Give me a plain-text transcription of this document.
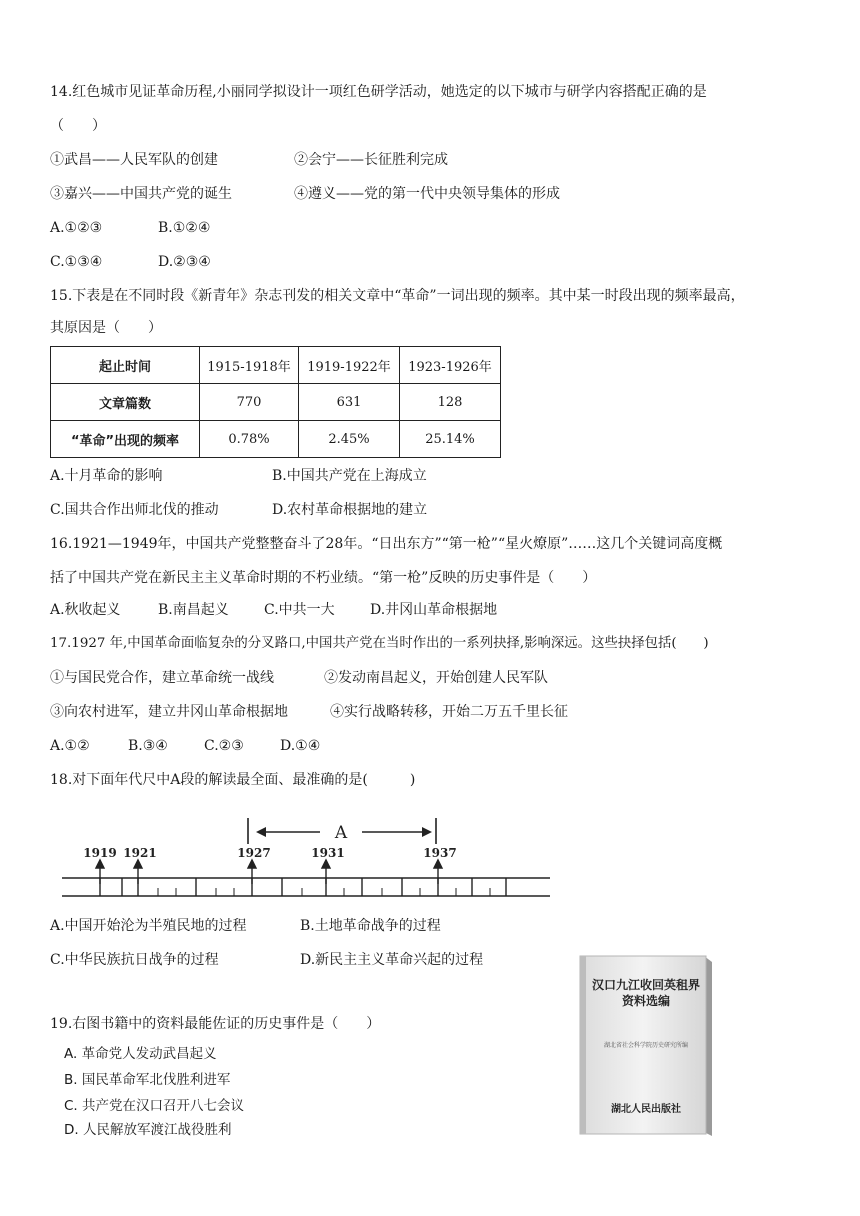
14.红色城市见证革命历程,小丽同学拟设计一项红色研学活动，她选定的以下城市与研学内容搭配正确的是
（　　）
①武昌——人民军队的创建	②会宁——长征胜利完成
③嘉兴——中国共产党的诞生	④遵义——党的第一代中央领导集体的形成
A.①②③	B.①②④
C.①③④	D.②③④
15.下表是在不同时段《新青年》杂志刊发的相关文章中“革命”一词出现的频率。其中某一时段出现的频率最高，
其原因是（　　）
起止时间	1915-1918年	1919-1922年	1923-1926年
文章篇数	770	631	128
“革命”出现的频率	0.78%	2.45%	25.14%
A.十月革命的影响	B.中国共产党在上海成立
C.国共合作出师北伐的推动	D.农村革命根据地的建立
16.1921—1949年，中国共产党整整奋斗了28年。“日出东方”“第一枪”“星火燎原”……这几个关键词高度概
括了中国共产党在新民主主义革命时期的不朽业绩。“第一枪”反映的历史事件是（　　）
A.秋收起义	B.南昌起义	C.中共一大	D.井冈山革命根据地
17.1927 年,中国革命面临复杂的分叉路口,中国共产党在当时作出的一系列抉择,影响深远。这些抉择包括(　　)
①与国民党合作，建立革命统一战线	②发动南昌起义，开始创建人民军队
③向农村进军，建立井冈山革命根据地	④实行战略转移，开始二万五千里长征
A.①②	B.③④	C.②③	D.①④
18.对下面年代尺中A段的解读最全面、最准确的是(　　　)
A
1919 1921	1927	1931	1937
A.中国开始沦为半殖民地的过程	B.土地革命战争的过程
C.中华民族抗日战争的过程	D.新民主主义革命兴起的过程
19.右图书籍中的资料最能佐证的历史事件是（　　）
A. 革命党人发动武昌起义
B. 国民革命军北伐胜利进军
C. 共产党在汉口召开八七会议
D. 人民解放军渡江战役胜利
汉口九江收回英租界
资料选编
湖北省社会科学院历史研究所编
湖北人民出版社
